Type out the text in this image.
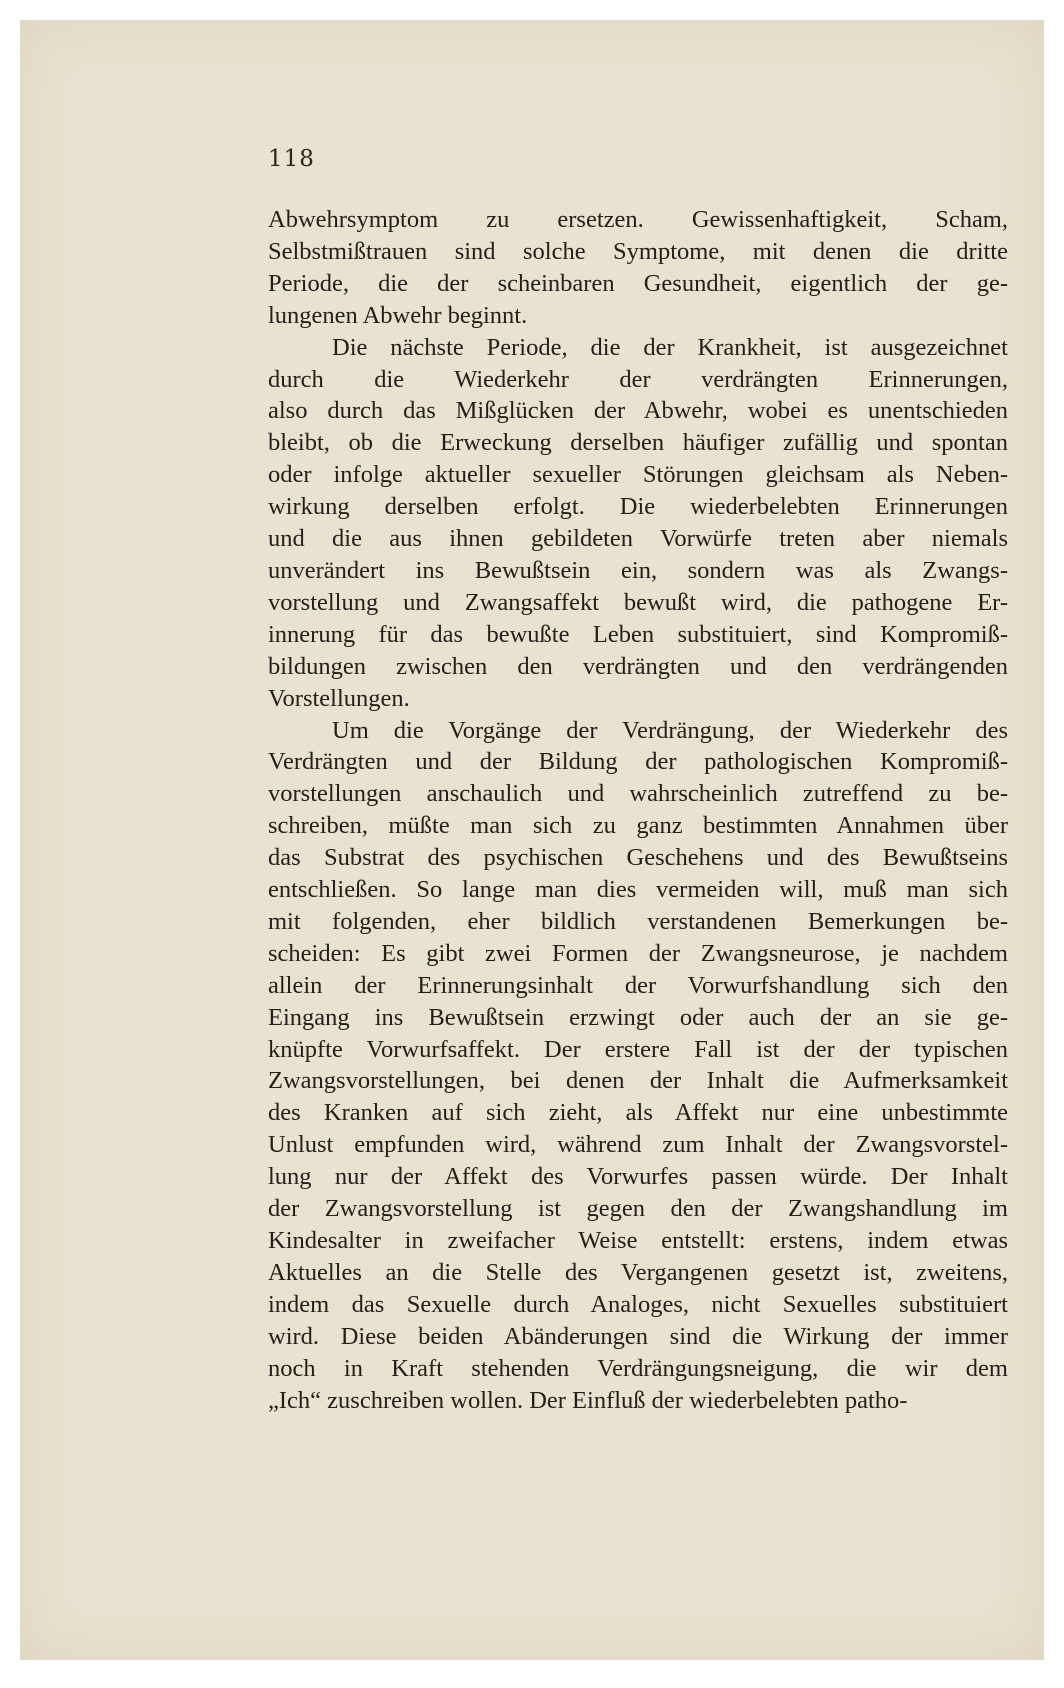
118
Abwehrsymptom zu ersetzen. Gewissenhaftigkeit, Scham,
Selbstmißtrauen sind solche Symptome, mit denen die dritte
Periode, die der scheinbaren Gesundheit, eigentlich der ge-
lungenen Abwehr beginnt.
Die nächste Periode, die der Krankheit, ist ausgezeichnet
durch die Wiederkehr der verdrängten Erinnerungen,
also durch das Mißglücken der Abwehr, wobei es unentschieden
bleibt, ob die Erweckung derselben häufiger zufällig und spontan
oder infolge aktueller sexueller Störungen gleichsam als Neben-
wirkung derselben erfolgt. Die wiederbelebten Erinnerungen
und die aus ihnen gebildeten Vorwürfe treten aber niemals
unverändert ins Bewußtsein ein, sondern was als Zwangs-
vorstellung und Zwangsaffekt bewußt wird, die pathogene Er-
innerung für das bewußte Leben substituiert, sind Kompromiß-
bildungen zwischen den verdrängten und den verdrängenden
Vorstellungen.
Um die Vorgänge der Verdrängung, der Wiederkehr des
Verdrängten und der Bildung der pathologischen Kompromiß-
vorstellungen anschaulich und wahrscheinlich zutreffend zu be-
schreiben, müßte man sich zu ganz bestimmten Annahmen über
das Substrat des psychischen Geschehens und des Bewußtseins
entschließen. So lange man dies vermeiden will, muß man sich
mit folgenden, eher bildlich verstandenen Bemerkungen be-
scheiden: Es gibt zwei Formen der Zwangsneurose, je nachdem
allein der Erinnerungsinhalt der Vorwurfshandlung sich den
Eingang ins Bewußtsein erzwingt oder auch der an sie ge-
knüpfte Vorwurfsaffekt. Der erstere Fall ist der der typischen
Zwangsvorstellungen, bei denen der Inhalt die Aufmerksamkeit
des Kranken auf sich zieht, als Affekt nur eine unbestimmte
Unlust empfunden wird, während zum Inhalt der Zwangsvorstel-
lung nur der Affekt des Vorwurfes passen würde. Der Inhalt
der Zwangsvorstellung ist gegen den der Zwangshandlung im
Kindesalter in zweifacher Weise entstellt: erstens, indem etwas
Aktuelles an die Stelle des Vergangenen gesetzt ist, zweitens,
indem das Sexuelle durch Analoges, nicht Sexuelles substituiert
wird. Diese beiden Abänderungen sind die Wirkung der immer
noch in Kraft stehenden Verdrängungsneigung, die wir dem
„Ich“ zuschreiben wollen. Der Einfluß der wiederbelebten patho-
